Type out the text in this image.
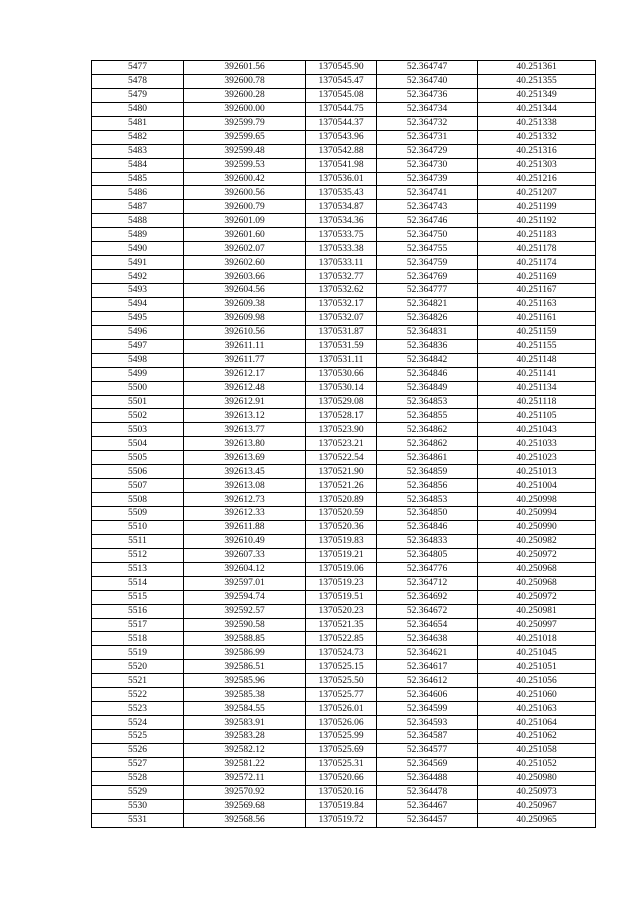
5477	392601.56	1370545.90	52.364747	40.251361
5478	392600.78	1370545.47	52.364740	40.251355
5479	392600.28	1370545.08	52.364736	40.251349
5480	392600.00	1370544.75	52.364734	40.251344
5481	392599.79	1370544.37	52.364732	40.251338
5482	392599.65	1370543.96	52.364731	40.251332
5483	392599.48	1370542.88	52.364729	40.251316
5484	392599.53	1370541.98	52.364730	40.251303
5485	392600.42	1370536.01	52.364739	40.251216
5486	392600.56	1370535.43	52.364741	40.251207
5487	392600.79	1370534.87	52.364743	40.251199
5488	392601.09	1370534.36	52.364746	40.251192
5489	392601.60	1370533.75	52.364750	40.251183
5490	392602.07	1370533.38	52.364755	40.251178
5491	392602.60	1370533.11	52.364759	40.251174
5492	392603.66	1370532.77	52.364769	40.251169
5493	392604.56	1370532.62	52.364777	40.251167
5494	392609.38	1370532.17	52.364821	40.251163
5495	392609.98	1370532.07	52.364826	40.251161
5496	392610.56	1370531.87	52.364831	40.251159
5497	392611.11	1370531.59	52.364836	40.251155
5498	392611.77	1370531.11	52.364842	40.251148
5499	392612.17	1370530.66	52.364846	40.251141
5500	392612.48	1370530.14	52.364849	40.251134
5501	392612.91	1370529.08	52.364853	40.251118
5502	392613.12	1370528.17	52.364855	40.251105
5503	392613.77	1370523.90	52.364862	40.251043
5504	392613.80	1370523.21	52.364862	40.251033
5505	392613.69	1370522.54	52.364861	40.251023
5506	392613.45	1370521.90	52.364859	40.251013
5507	392613.08	1370521.26	52.364856	40.251004
5508	392612.73	1370520.89	52.364853	40.250998
5509	392612.33	1370520.59	52.364850	40.250994
5510	392611.88	1370520.36	52.364846	40.250990
5511	392610.49	1370519.83	52.364833	40.250982
5512	392607.33	1370519.21	52.364805	40.250972
5513	392604.12	1370519.06	52.364776	40.250968
5514	392597.01	1370519.23	52.364712	40.250968
5515	392594.74	1370519.51	52.364692	40.250972
5516	392592.57	1370520.23	52.364672	40.250981
5517	392590.58	1370521.35	52.364654	40.250997
5518	392588.85	1370522.85	52.364638	40.251018
5519	392586.99	1370524.73	52.364621	40.251045
5520	392586.51	1370525.15	52.364617	40.251051
5521	392585.96	1370525.50	52.364612	40.251056
5522	392585.38	1370525.77	52.364606	40.251060
5523	392584.55	1370526.01	52.364599	40.251063
5524	392583.91	1370526.06	52.364593	40.251064
5525	392583.28	1370525.99	52.364587	40.251062
5526	392582.12	1370525.69	52.364577	40.251058
5527	392581.22	1370525.31	52.364569	40.251052
5528	392572.11	1370520.66	52.364488	40.250980
5529	392570.92	1370520.16	52.364478	40.250973
5530	392569.68	1370519.84	52.364467	40.250967
5531	392568.56	1370519.72	52.364457	40.250965
